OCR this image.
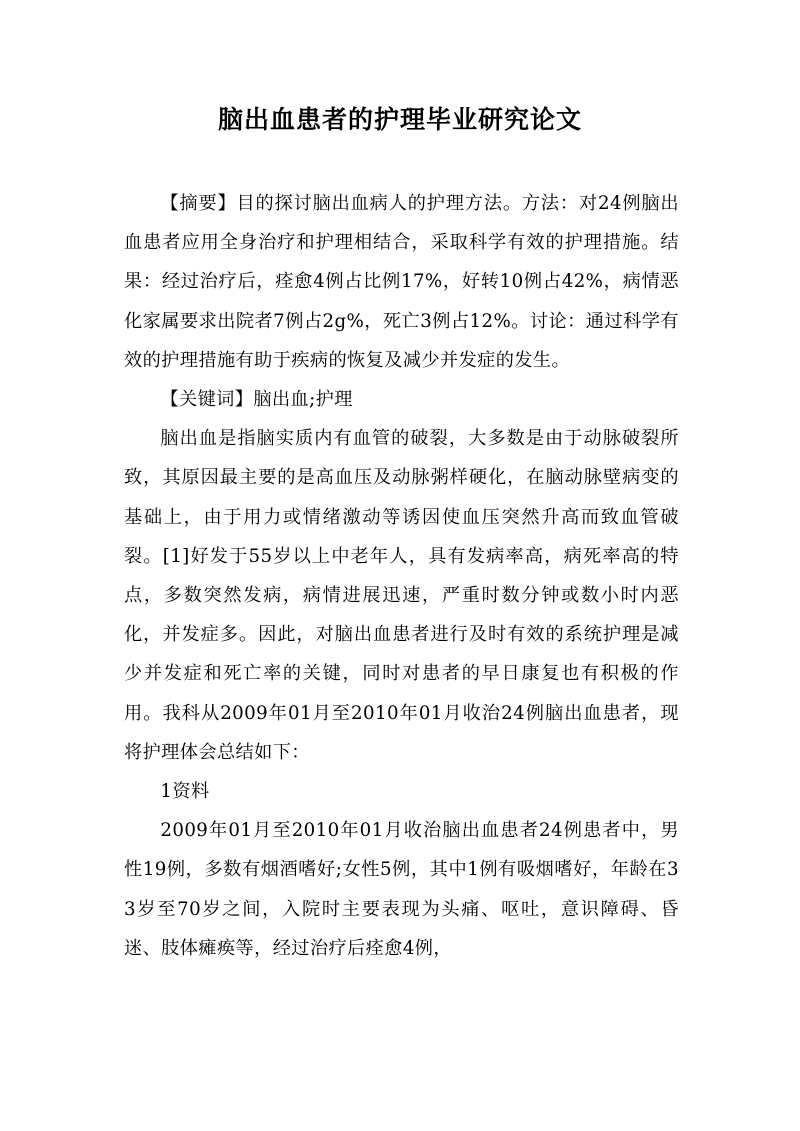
脑出血患者的护理毕业研究论文

【摘要】目的探讨脑出血病人的护理方法。方法：对24例脑出血患者应用全身治疗和护理相结合，采取科学有效的护理措施。结果：经过治疗后，痊愈4例占比例17%，好转10例占42%，病情恶化家属要求出院者7例占2g%，死亡3例占12%。讨论：通过科学有效的护理措施有助于疾病的恢复及减少并发症的发生。

【关键词】脑出血;护理

脑出血是指脑实质内有血管的破裂，大多数是由于动脉破裂所致，其原因最主要的是高血压及动脉粥样硬化，在脑动脉壁病变的基础上，由于用力或情绪激动等诱因使血压突然升高而致血管破裂。[1]好发于55岁以上中老年人，具有发病率高，病死率高的特点，多数突然发病，病情进展迅速，严重时数分钟或数小时内恶化，并发症多。因此，对脑出血患者进行及时有效的系统护理是减少并发症和死亡率的关键，同时对患者的早日康复也有积极的作用。我科从2009年01月至2010年01月收治24例脑出血患者，现将护理体会总结如下：

1资料

2009年01月至2010年01月收治脑出血患者24例患者中，男性19例，多数有烟酒嗜好;女性5例，其中1例有吸烟嗜好，年龄在33岁至70岁之间，入院时主要表现为头痛、呕吐，意识障碍、昏迷、肢体瘫痪等，经过治疗后痊愈4例，
